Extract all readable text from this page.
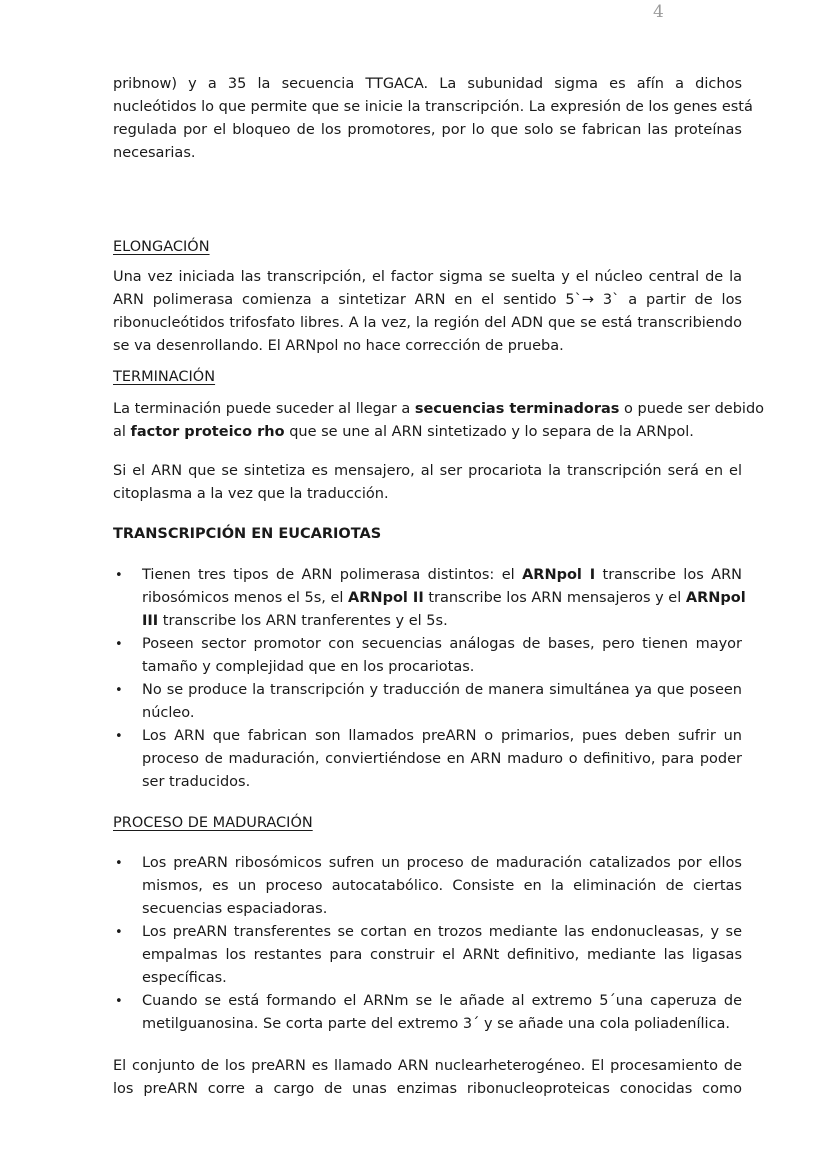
4
pribnow) y a 35 la secuencia TTGACA. La subunidad sigma es afín a dichos
nucleótidos lo que permite que se inicie la transcripción. La expresión de los genes está
regulada por el bloqueo de los promotores, por lo que solo se fabrican las proteínas
necesarias.
ELONGACIÓN
Una vez iniciada las transcripción, el factor sigma se suelta y el núcleo central de la
ARN polimerasa comienza a sintetizar ARN en el sentido 5`→ 3` a partir de los
ribonucleótidos trifosfato libres. A la vez, la región del ADN que se está transcribiendo
se va desenrollando. El ARNpol no hace corrección de prueba.
TERMINACIÓN
La terminación puede suceder al llegar a secuencias terminadoras o puede ser debido
al factor proteico rho que se une al ARN sintetizado y lo separa de la ARNpol.
Si el ARN que se sintetiza es mensajero, al ser procariota la transcripción será en el
citoplasma a la vez que la traducción.
TRANSCRIPCIÓN EN EUCARIOTAS
• Tienen tres tipos de ARN polimerasa distintos: el ARNpol I transcribe los ARN
ribosómicos menos el 5s, el ARNpol II transcribe los ARN mensajeros y el ARNpol
III transcribe los ARN tranferentes y el 5s.
• Poseen sector promotor con secuencias análogas de bases, pero tienen mayor
tamaño y complejidad que en los procariotas.
• No se produce la transcripción y traducción de manera simultánea ya que poseen
núcleo.
• Los ARN que fabrican son llamados preARN o primarios, pues deben sufrir un
proceso de maduración, conviertiéndose en ARN maduro o definitivo, para poder
ser traducidos.
PROCESO DE MADURACIÓN
• Los preARN ribosómicos sufren un proceso de maduración catalizados por ellos
mismos, es un proceso autocatabólico. Consiste en la eliminación de ciertas
secuencias espaciadoras.
• Los preARN transferentes se cortan en trozos mediante las endonucleasas, y se
empalmas los restantes para construir el ARNt definitivo, mediante las ligasas
específicas.
• Cuando se está formando el ARNm se le añade al extremo 5´una caperuza de
metilguanosina. Se corta parte del extremo 3´ y se añade una cola poliadenílica.
El conjunto de los preARN es llamado ARN nuclearheterogéneo. El procesamiento de
los preARN corre a cargo de unas enzimas ribonucleoproteicas conocidas como
